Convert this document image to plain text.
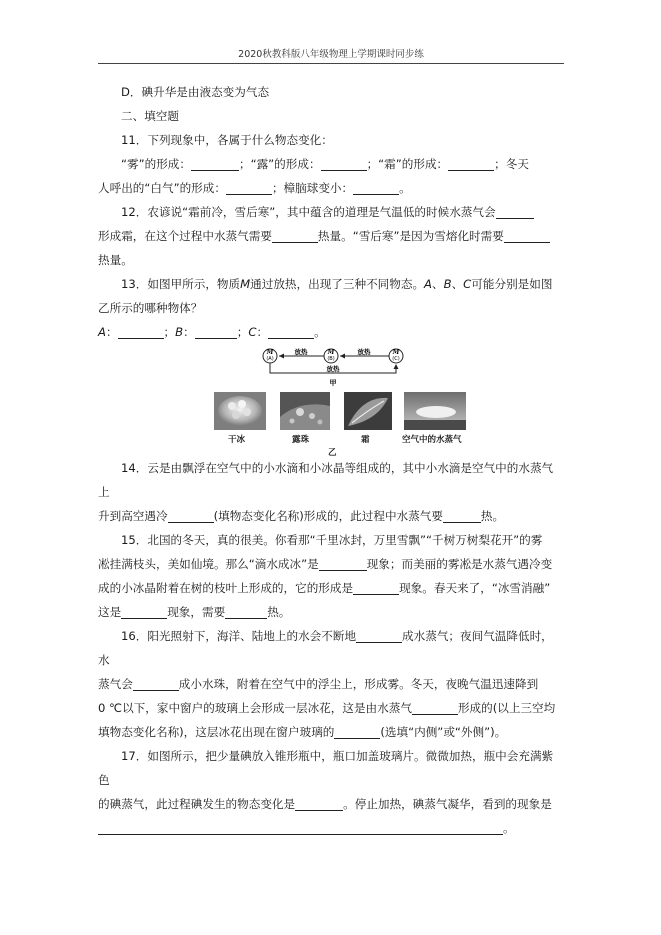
2020秋教科版八年级物理上学期课时同步练

D．碘升华是由液态变为气态

二、填空题

11．下列现象中，各属于什么物态变化：

“雾”的形成：	；“露”的形成：	；“霜”的形成：	；冬天

人呼出的“白气”的形成：	；樟脑球变小：	。

12．农谚说“霜前冷，雪后寒”，其中蕴含的道理是气温低的时候水蒸气会

形成霜，在这个过程中水蒸气需要	热量。“雪后寒”是因为雪熔化时需要

热量。

13．如图甲所示，物质M通过放热，出现了三种不同物态。A、B、C可能分别是如图乙所示的哪种物体？

A：	；B：	；C：	。

M
(A)
M
(B)
M
(C)
放热	放热
放热
甲
干冰	露珠	霜	空气中的水蒸气
乙

14．云是由飘浮在空气中的小水滴和小冰晶等组成的，其中小水滴是空气中的水蒸气上

升到高空遇冷	(填物态变化名称)形成的，此过程中水蒸气要	热。

15．北国的冬天，真的很美。你看那“千里冰封，万里雪飘”“千树万树梨花开”的雾

凇挂满枝头，美如仙境。那么“滴水成冰”是	现象；而美丽的雾凇是水蒸气遇冷变

成的小冰晶附着在树的枝叶上形成的，它的形成是	现象。春天来了，“冰雪消融”

这是	现象，需要	热。

16．阳光照射下，海洋、陆地上的水会不断地	成水蒸气；夜间气温降低时，水

蒸气会	成小水珠，附着在空气中的浮尘上，形成雾。冬天，夜晚气温迅速降到

0 ℃以下，家中窗户的玻璃上会形成一层冰花，这是由水蒸气	形成的(以上三空均

填物态变化名称)，这层冰花出现在窗户玻璃的	(选填“内侧”或“外侧”)。

17．如图所示，把少量碘放入锥形瓶中，瓶口加盖玻璃片。微微加热，瓶中会充满紫色

的碘蒸气，此过程碘发生的物态变化是	。停止加热，碘蒸气凝华，看到的现象是

。
